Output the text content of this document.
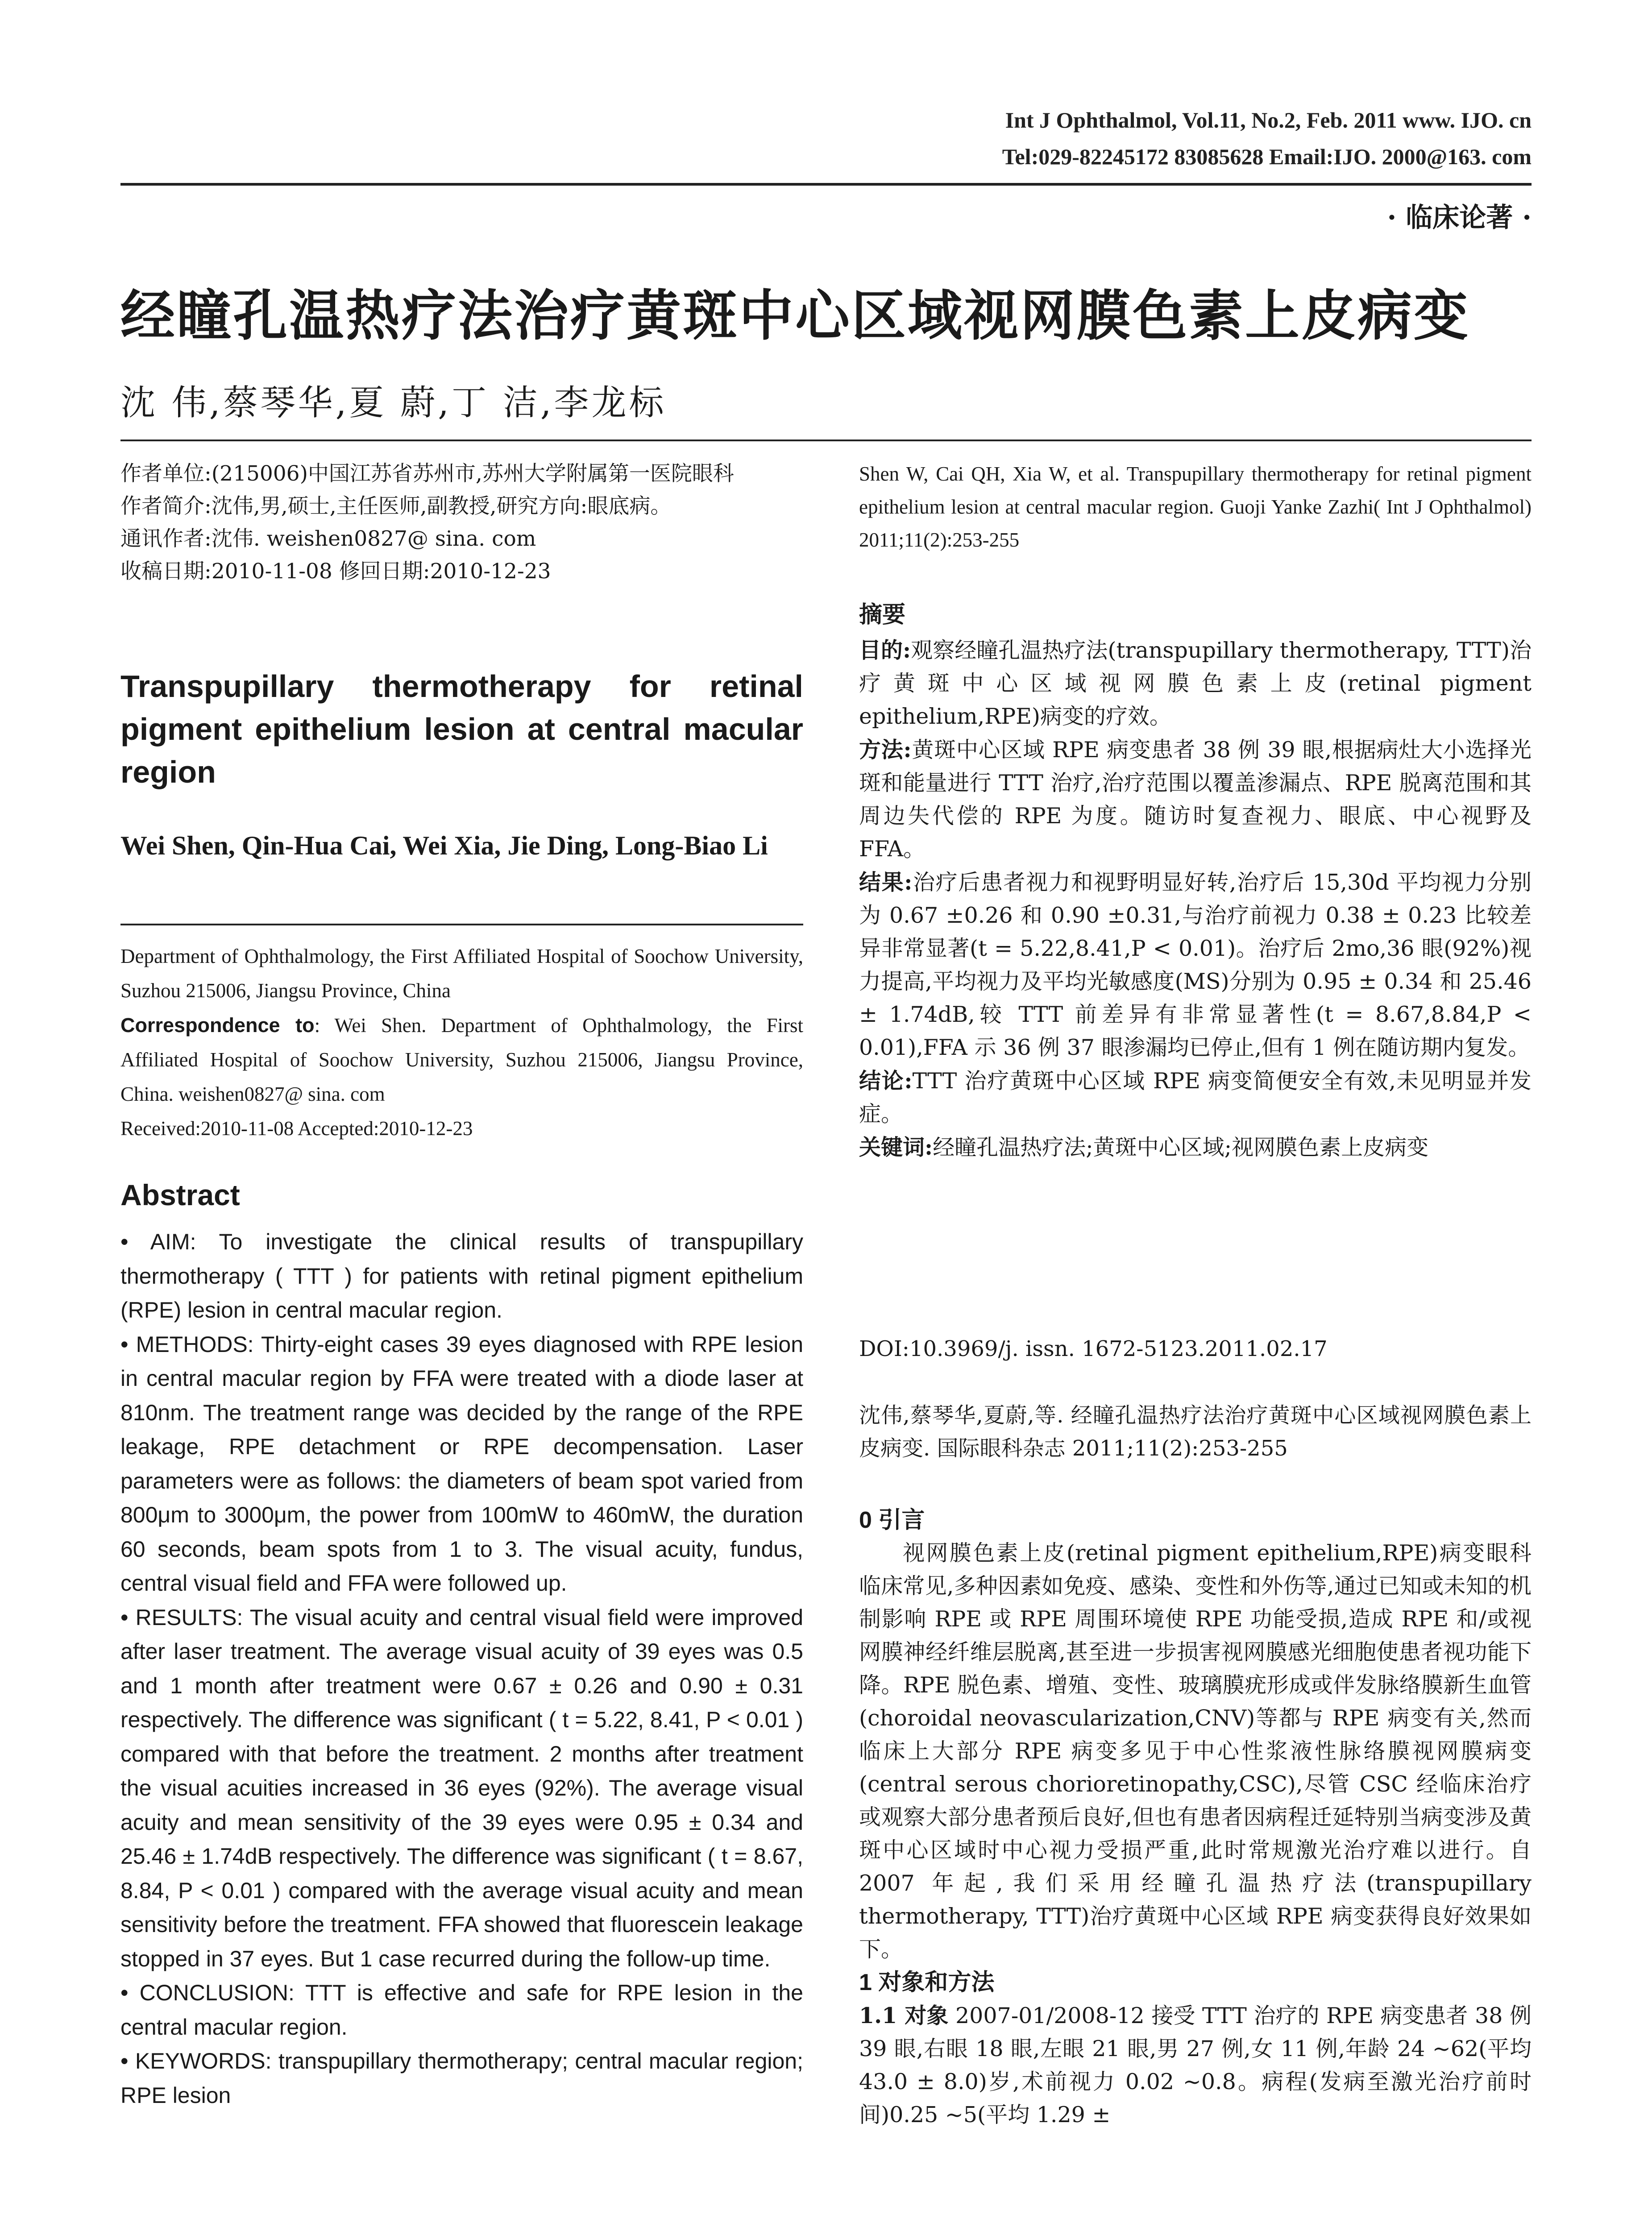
Int J Ophthalmol, Vol.11, No.2, Feb. 2011 www. IJO. cn
Tel:029-82245172 83085628 Email:IJO. 2000@163. com
· 临床论著 ·
经瞳孔温热疗法治疗黄斑中心区域视网膜色素上皮病变
沈 伟,蔡琴华,夏 蔚,丁 洁,李龙标
作者单位:(215006)中国江苏省苏州市,苏州大学附属第一医院眼科
作者简介:沈伟,男,硕士,主任医师,副教授,研究方向:眼底病。
通讯作者:沈伟. weishen0827@ sina. com
收稿日期:2010-11-08 修回日期:2010-12-23
Transpupillary thermotherapy for retinal pigment epithelium lesion at central macular region
Wei Shen, Qin-Hua Cai, Wei Xia, Jie Ding, Long-Biao Li
Department of Ophthalmology, the First Affiliated Hospital of Soochow University, Suzhou 215006, Jiangsu Province, China
Correspondence to: Wei Shen. Department of Ophthalmology, the First Affiliated Hospital of Soochow University, Suzhou 215006, Jiangsu Province, China. weishen0827@ sina. com
Received:2010-11-08 Accepted:2010-12-23
Abstract

• AIM: To investigate the clinical results of transpupillary thermotherapy ( TTT ) for patients with retinal pigment epithelium (RPE) lesion in central macular region.

• METHODS: Thirty-eight cases 39 eyes diagnosed with RPE lesion in central macular region by FFA were treated with a diode laser at 810nm. The treatment range was decided by the range of the RPE leakage, RPE detachment or RPE decompensation. Laser parameters were as follows: the diameters of beam spot varied from 800μm to 3000μm, the power from 100mW to 460mW, the duration 60 seconds, beam spots from 1 to 3. The visual acuity, fundus, central visual field and FFA were followed up.

• RESULTS: The visual acuity and central visual field were improved after laser treatment. The average visual acuity of 39 eyes was 0.5 and 1 month after treatment were 0.67 ± 0.26 and 0.90 ± 0.31 respectively. The difference was significant ( t = 5.22, 8.41, P < 0.01 ) compared with that before the treatment. 2 months after treatment the visual acuities increased in 36 eyes (92%). The average visual acuity and mean sensitivity of the 39 eyes were 0.95 ± 0.34 and 25.46 ± 1.74dB respectively. The difference was significant ( t = 8.67, 8.84, P < 0.01 ) compared with the average visual acuity and mean sensitivity before the treatment. FFA showed that fluorescein leakage stopped in 37 eyes. But 1 case recurred during the follow-up time.

• CONCLUSION: TTT is effective and safe for RPE lesion in the central macular region.

• KEYWORDS: transpupillary thermotherapy; central macular region; RPE lesion

Shen W, Cai QH, Xia W, et al. Transpupillary thermotherapy for retinal pigment epithelium lesion at central macular region. Guoji Yanke Zazhi( Int J Ophthalmol) 2011;11(2):253-255
摘要

目的:观察经瞳孔温热疗法(transpupillary thermotherapy, TTT)治疗黄斑中心区域视网膜色素上皮(retinal pigment epithelium,RPE)病变的疗效。

方法:黄斑中心区域 RPE 病变患者 38 例 39 眼,根据病灶大小选择光斑和能量进行 TTT 治疗,治疗范围以覆盖渗漏点、RPE 脱离范围和其周边失代偿的 RPE 为度。随访时复查视力、眼底、中心视野及 FFA。

结果:治疗后患者视力和视野明显好转,治疗后 15,30d 平均视力分别为 0.67 ±0.26 和 0.90 ±0.31,与治疗前视力 0.38 ± 0.23 比较差异非常显著(t = 5.22,8.41,P < 0.01)。治疗后 2mo,36 眼(92%)视力提高,平均视力及平均光敏感度(MS)分别为 0.95 ± 0.34 和 25.46 ± 1.74dB,较 TTT 前差异有非常显著性(t = 8.67,8.84,P < 0.01),FFA 示 36 例 37 眼渗漏均已停止,但有 1 例在随访期内复发。

结论:TTT 治疗黄斑中心区域 RPE 病变简便安全有效,未见明显并发症。

关键词:经瞳孔温热疗法;黄斑中心区域;视网膜色素上皮病变

DOI:10.3969/j. issn. 1672-5123.2011.02.17
沈伟,蔡琴华,夏蔚,等. 经瞳孔温热疗法治疗黄斑中心区域视网膜色素上皮病变. 国际眼科杂志 2011;11(2):253-255
0 引言

视网膜色素上皮(retinal pigment epithelium,RPE)病变眼科临床常见,多种因素如免疫、感染、变性和外伤等,通过已知或未知的机制影响 RPE 或 RPE 周围环境使 RPE 功能受损,造成 RPE 和/或视网膜神经纤维层脱离,甚至进一步损害视网膜感光细胞使患者视功能下降。RPE 脱色素、增殖、变性、玻璃膜疣形成或伴发脉络膜新生血管(choroidal neovascularization,CNV)等都与 RPE 病变有关,然而临床上大部分 RPE 病变多见于中心性浆液性脉络膜视网膜病变(central serous chorioretinopathy,CSC),尽管 CSC 经临床治疗或观察大部分患者预后良好,但也有患者因病程迁延特别当病变涉及黄斑中心区域时中心视力受损严重,此时常规激光治疗难以进行。自 2007 年起,我们采用经瞳孔温热疗法(transpupillary thermotherapy, TTT)治疗黄斑中心区域 RPE 病变获得良好效果如下。

1 对象和方法

1.1 对象 2007-01/2008-12 接受 TTT 治疗的 RPE 病变患者 38 例 39 眼,右眼 18 眼,左眼 21 眼,男 27 例,女 11 例,年龄 24 ~62(平均 43.0 ± 8.0)岁,术前视力 0.02 ~0.8。病程(发病至激光治疗前时间)0.25 ~5(平均 1.29 ±
